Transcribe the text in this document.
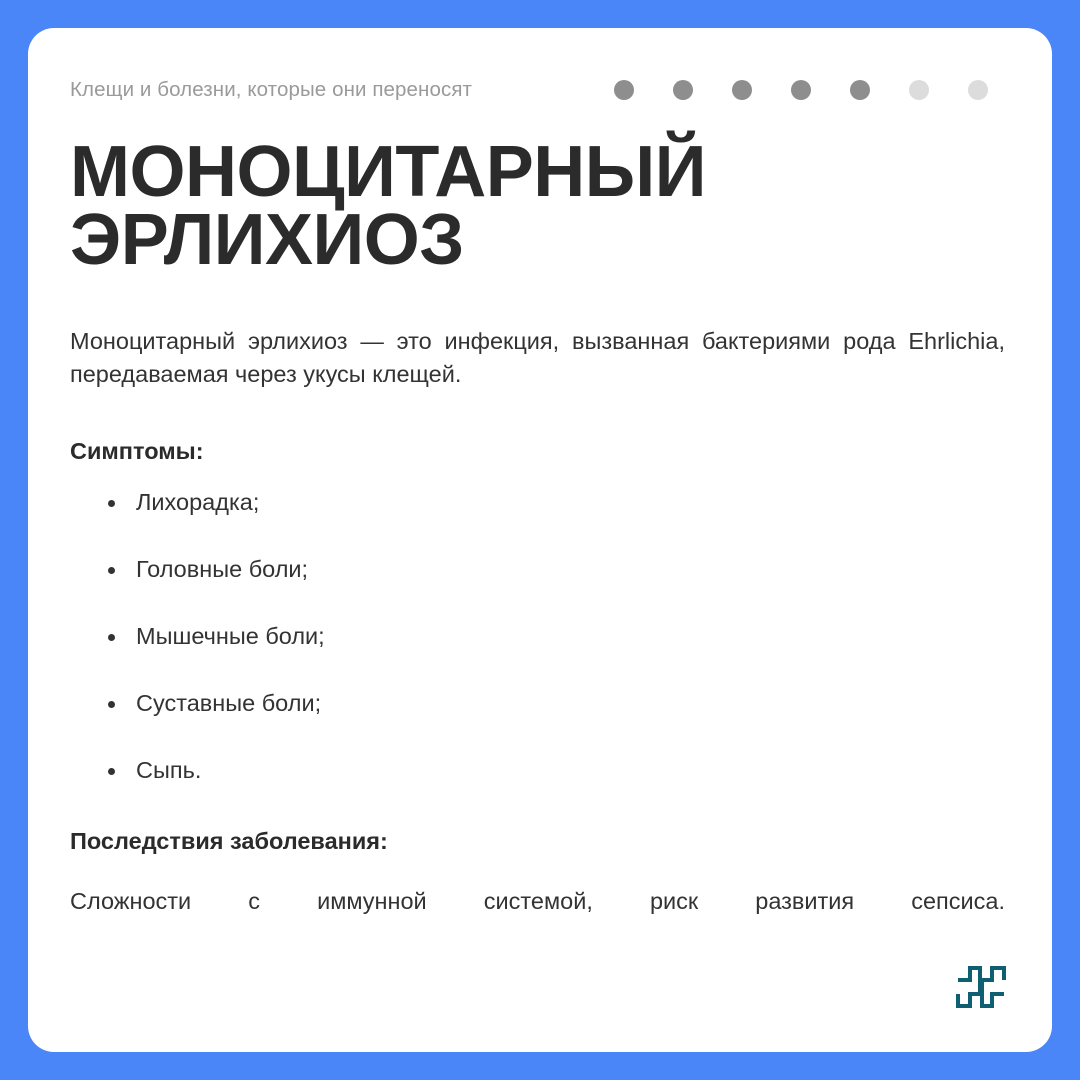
Клещи и болезни, которые они переносят
МОНОЦИТАРНЫЙ
ЭРЛИХИОЗ

Моноцитарный эрлихиоз — это инфекция, вызванная бактериями рода Ehrlichia, передаваемая через укусы клещей.

Симптомы:
Лихорадка;
Головные боли;
Мышечные боли;
Суставные боли;
Сыпь.
Последствия заболевания:

Сложности с иммунной системой, риск развития сепсиса.
